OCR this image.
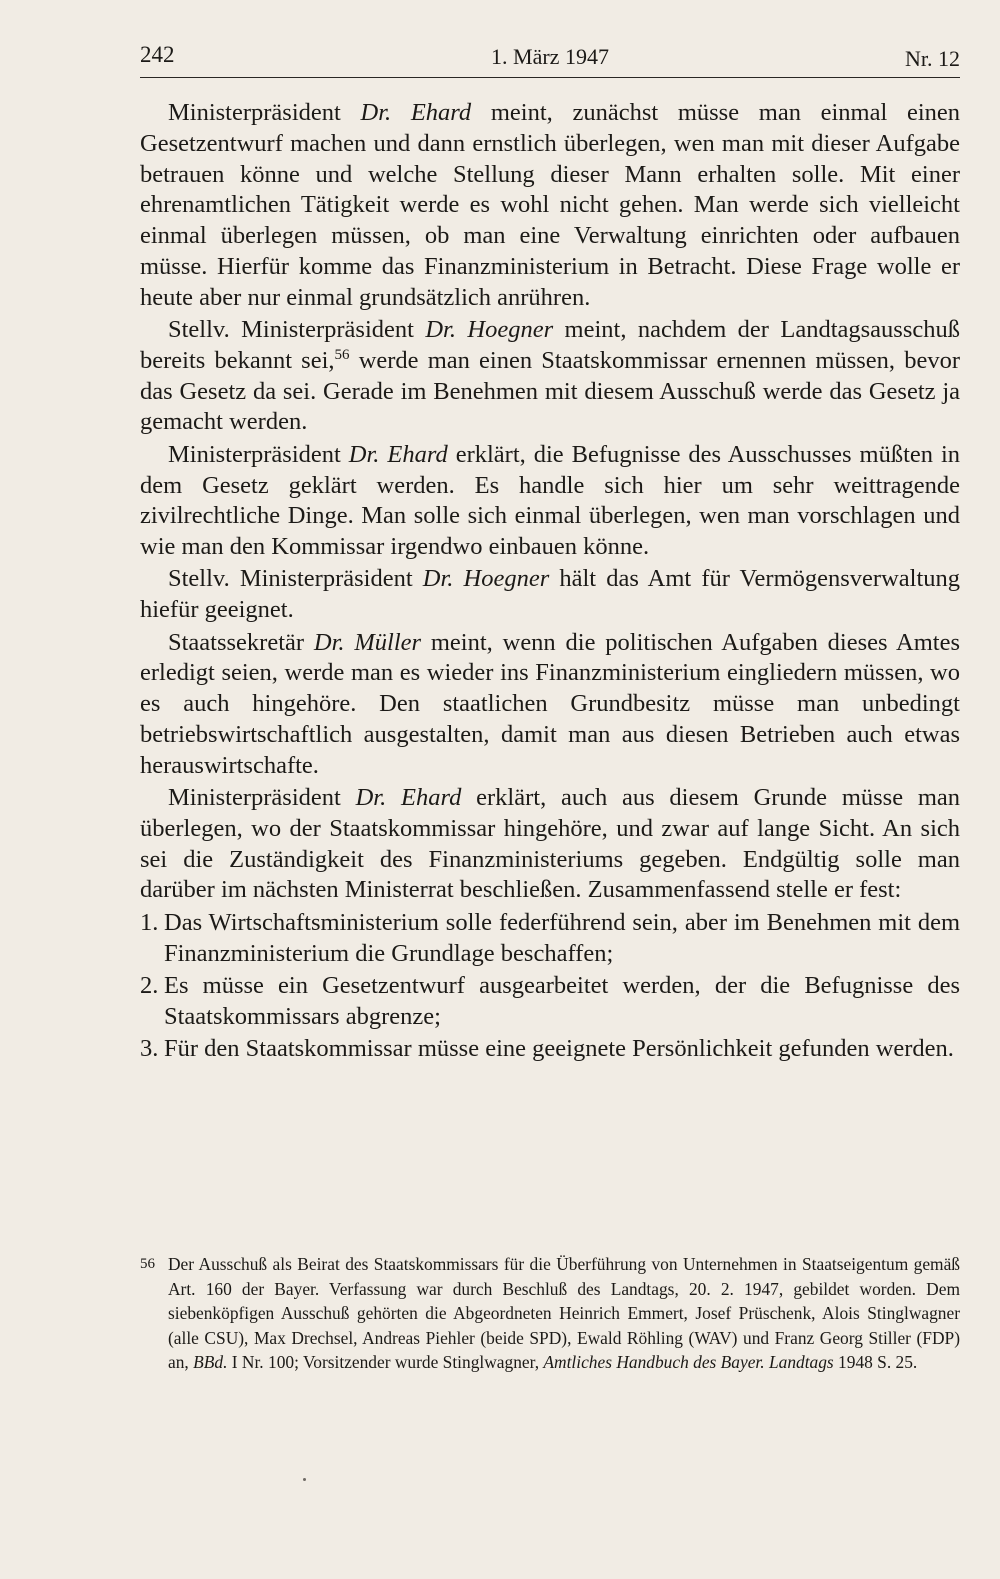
242	1. März 1947	Nr. 12

Ministerpräsident Dr. Ehard meint, zunächst müsse man einmal einen Gesetzentwurf machen und dann ernstlich überlegen, wen man mit dieser Aufgabe betrauen könne und welche Stellung dieser Mann erhalten solle. Mit einer ehrenamtlichen Tätigkeit werde es wohl nicht gehen. Man werde sich vielleicht einmal überlegen müssen, ob man eine Verwaltung einrichten oder aufbauen müsse. Hierfür komme das Finanzministerium in Betracht. Diese Frage wolle er heute aber nur einmal grundsätzlich anrühren.

Stellv. Ministerpräsident Dr. Hoegner meint, nachdem der Landtagsausschuß bereits bekannt sei,$^{56}$ werde man einen Staatskommissar ernennen müssen, bevor das Gesetz da sei. Gerade im Benehmen mit diesem Ausschuß werde das Gesetz ja gemacht werden.

Ministerpräsident Dr. Ehard erklärt, die Befugnisse des Ausschusses müßten in dem Gesetz geklärt werden. Es handle sich hier um sehr weittragende zivilrechtliche Dinge. Man solle sich einmal überlegen, wen man vorschlagen und wie man den Kommissar irgendwo einbauen könne.

Stellv. Ministerpräsident Dr. Hoegner hält das Amt für Vermögensverwaltung hiefür geeignet.

Staatssekretär Dr. Müller meint, wenn die politischen Aufgaben dieses Amtes erledigt seien, werde man es wieder ins Finanzministerium eingliedern müssen, wo es auch hingehöre. Den staatlichen Grundbesitz müsse man unbedingt betriebswirtschaftlich ausgestalten, damit man aus diesen Betrieben auch etwas herauswirtschafte.

Ministerpräsident Dr. Ehard erklärt, auch aus diesem Grunde müsse man überlegen, wo der Staatskommissar hingehöre, und zwar auf lange Sicht. An sich sei die Zuständigkeit des Finanzministeriums gegeben. Endgültig solle man darüber im nächsten Ministerrat beschließen. Zusammenfassend stelle er fest:

1. Das Wirtschaftsministerium solle federführend sein, aber im Benehmen mit dem Finanzministerium die Grundlage beschaffen;

2. Es müsse ein Gesetzentwurf ausgearbeitet werden, der die Befugnisse des Staatskommissars abgrenze;

3. Für den Staatskommissar müsse eine geeignete Persönlichkeit gefunden werden.

56 Der Ausschuß als Beirat des Staatskommissars für die Überführung von Unternehmen in Staatseigentum gemäß Art. 160 der Bayer. Verfassung war durch Beschluß des Landtags, 20. 2. 1947, gebildet worden. Dem siebenköpfigen Ausschuß gehörten die Abgeordneten Heinrich Emmert, Josef Prüschenk, Alois Stinglwagner (alle CSU), Max Drechsel, Andreas Piehler (beide SPD), Ewald Röhling (WAV) und Franz Georg Stiller (FDP) an, BBd. I Nr. 100; Vorsitzender wurde Stinglwagner, Amtliches Handbuch des Bayer. Landtags 1948 S. 25.
